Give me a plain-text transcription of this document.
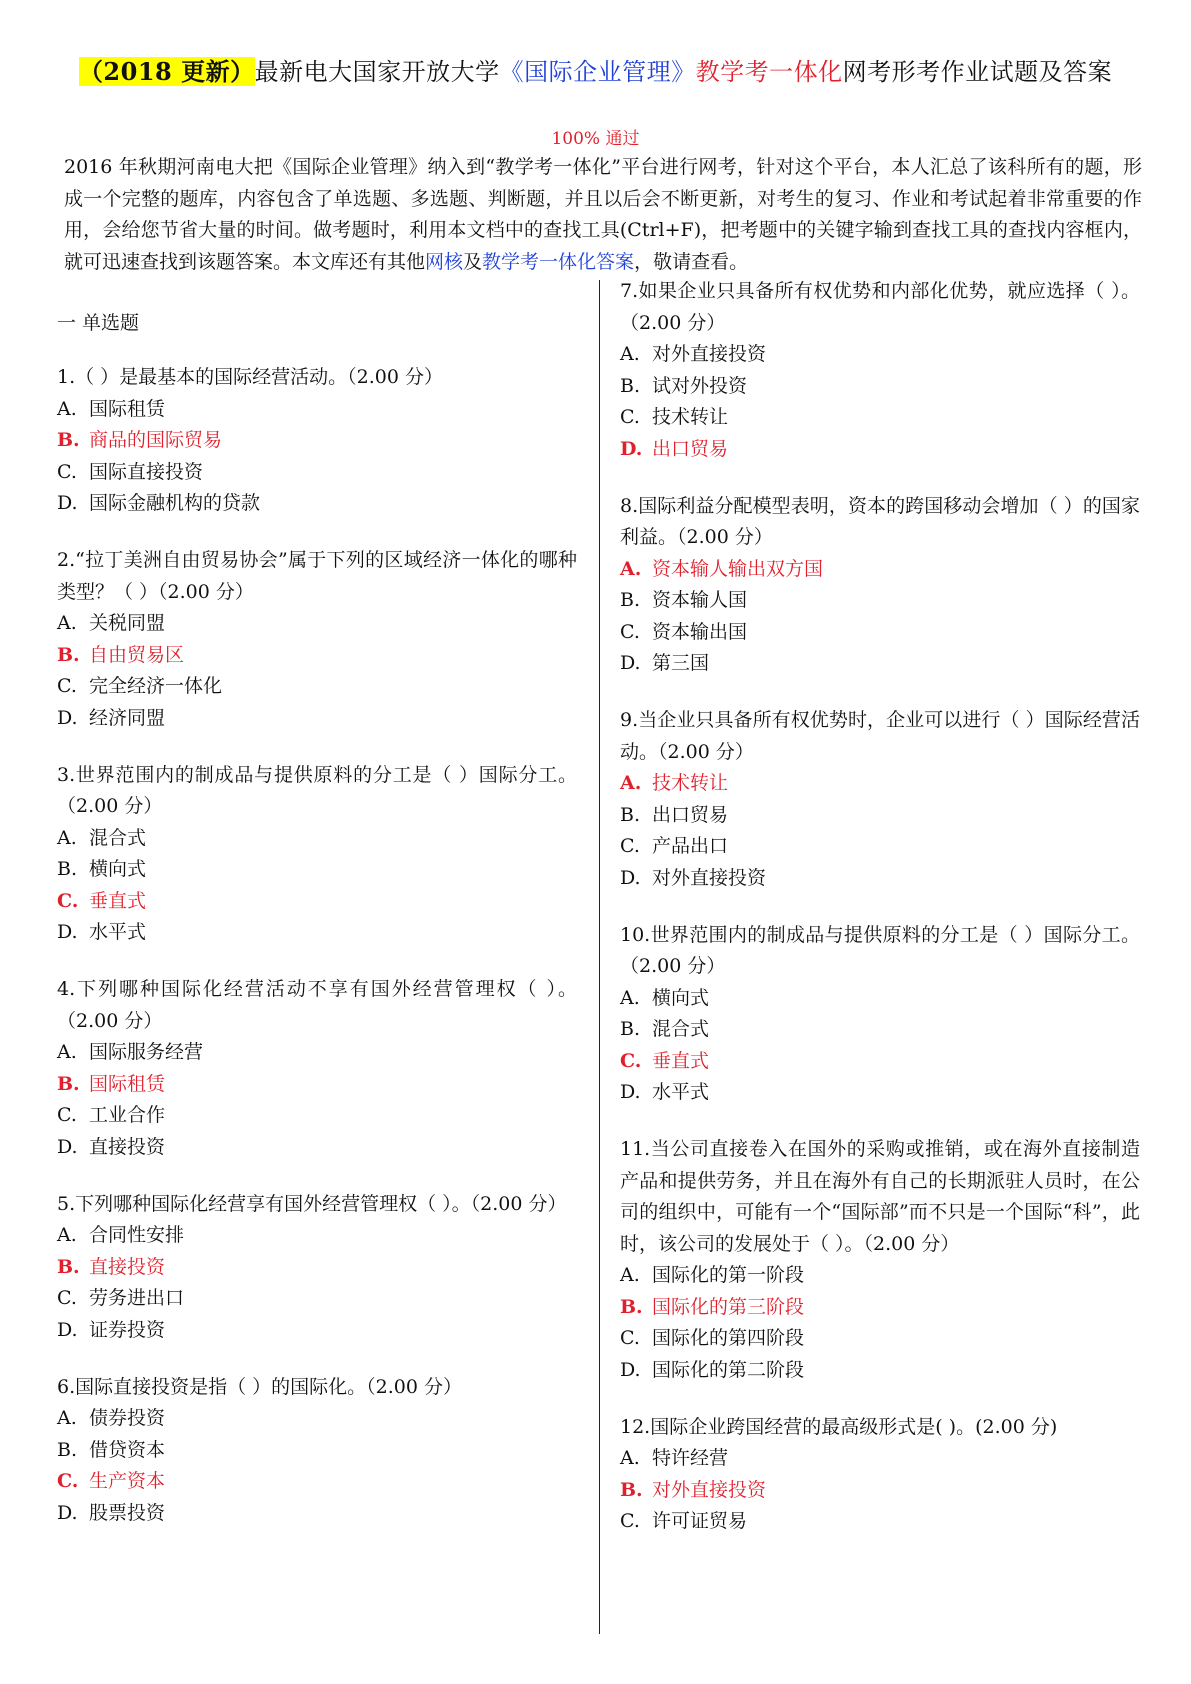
（2018 更新）最新电大国家开放大学《国际企业管理》教学考一体化网考形考作业试题及答案
100% 通过
2016 年秋期河南电大把《国际企业管理》纳入到“教学考一体化”平台进行网考，针对这个平台，本人汇总了该科所有的题，形成一个完整的题库，内容包含了单选题、多选题、判断题，并且以后会不断更新，对考生的复习、作业和考试起着非常重要的作用，会给您节省大量的时间。做考题时，利用本文档中的查找工具(Ctrl+F)，把考题中的关键字输到查找工具的查找内容框内，就可迅速查找到该题答案。本文库还有其他网核及教学考一体化答案，敬请查看。
一 单选题
1.（ ）是最基本的国际经营活动。（2.00 分）
A. 国际租赁
B. 商品的国际贸易
C. 国际直接投资
D. 国际金融机构的贷款
2.“拉丁美洲自由贸易协会”属于下列的区域经济一体化的哪种类型？（ ）（2.00 分）
A. 关税同盟
B. 自由贸易区
C. 完全经济一体化
D. 经济同盟
3.世界范围内的制成品与提供原料的分工是（ ）国际分工。（2.00 分）
A. 混合式
B. 横向式
C. 垂直式
D. 水平式
4.下列哪种国际化经营活动不享有国外经营管理权（ ）。（2.00 分）
A. 国际服务经营
B. 国际租赁
C. 工业合作
D. 直接投资
5.下列哪种国际化经营享有国外经营管理权（ ）。（2.00 分）
A. 合同性安排
B. 直接投资
C. 劳务进出口
D. 证券投资
6.国际直接投资是指（ ）的国际化。（2.00 分）
A. 债券投资
B. 借贷资本
C. 生产资本
D. 股票投资
7.如果企业只具备所有权优势和内部化优势，就应选择（ ）。（2.00 分）
A. 对外直接投资
B. 试对外投资
C. 技术转让
D. 出口贸易
8.国际利益分配模型表明，资本的跨国移动会增加（ ）的国家利益。（2.00 分）
A. 资本输人输出双方国
B. 资本输人国
C. 资本输出国
D. 第三国
9.当企业只具备所有权优势时，企业可以进行（ ）国际经营活动。（2.00 分）
A. 技术转让
B. 出口贸易
C. 产品出口
D. 对外直接投资
10.世界范围内的制成品与提供原料的分工是（ ）国际分工。（2.00 分）
A. 横向式
B. 混合式
C. 垂直式
D. 水平式
11.当公司直接卷入在国外的采购或推销，或在海外直接制造产品和提供劳务，并且在海外有自己的长期派驻人员时，在公司的组织中，可能有一个“国际部”而不只是一个国际“科”，此时，该公司的发展处于（ ）。（2.00 分）
A. 国际化的第一阶段
B. 国际化的第三阶段
C. 国际化的第四阶段
D. 国际化的第二阶段
12.国际企业跨国经营的最高级形式是( )。(2.00 分)
A. 特许经营
B. 对外直接投资
C. 许可证贸易
